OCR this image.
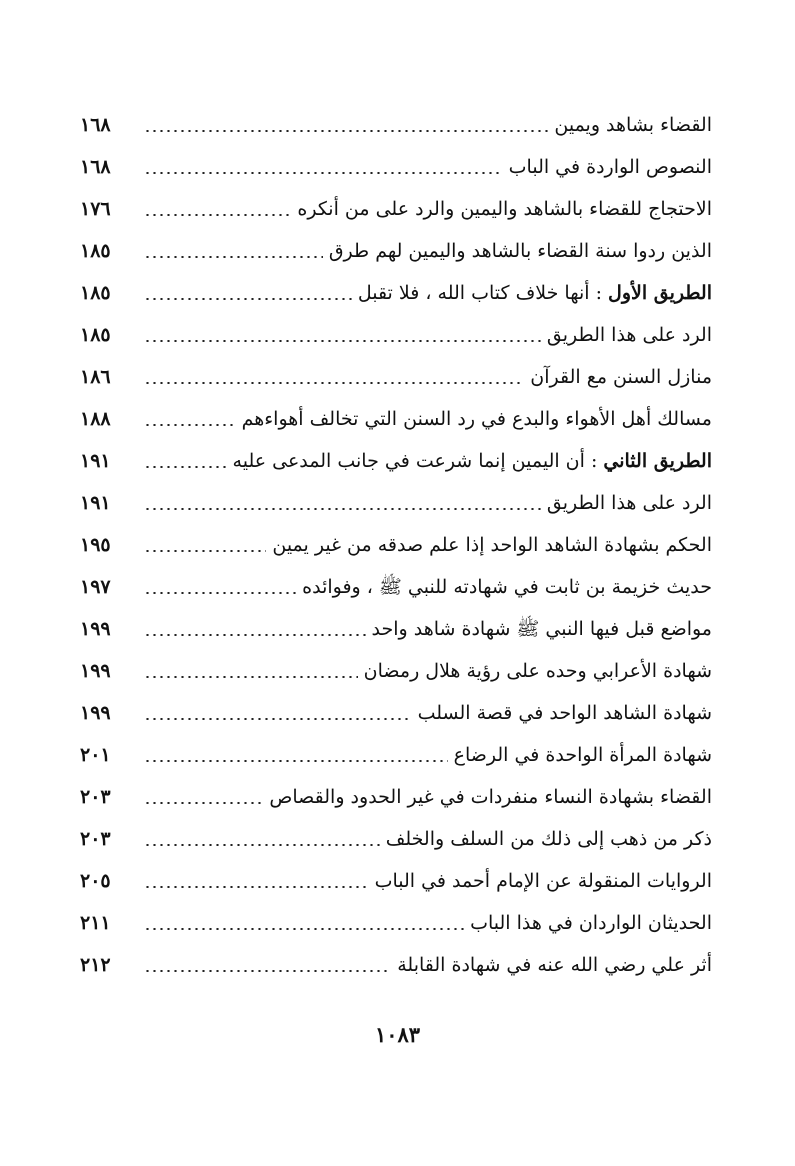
القضاء بشاهد ويمين
١٦٨
النصوص الواردة في الباب
١٦٨
الاحتجاج للقضاء بالشاهد واليمين والرد على من أنكره
١٧٦
الذين ردوا سنة القضاء بالشاهد واليمين لهم طرق
١٨٥
الطريق الأول : أنها خلاف كتاب الله ، فلا تقبل
١٨٥
الرد على هذا الطريق
١٨٥
منازل السنن مع القرآن
١٨٦
مسالك أهل الأهواء والبدع في رد السنن التي تخالف أهواءهم
١٨٨
الطريق الثاني : أن اليمين إنما شرعت في جانب المدعى عليه
١٩١
الرد على هذا الطريق
١٩١
الحكم بشهادة الشاهد الواحد إذا علم صدقه من غير يمين
١٩٥
حديث خزيمة بن ثابت في شهادته للنبي ﷺ ، وفوائده
١٩٧
مواضع قبل فيها النبي ﷺ شهادة شاهد واحد
١٩٩
شهادة الأعرابي وحده على رؤية هلال رمضان
١٩٩
شهادة الشاهد الواحد في قصة السلب
١٩٩
شهادة المرأة الواحدة في الرضاع
٢٠١
القضاء بشهادة النساء منفردات في غير الحدود والقصاص
٢٠٣
ذكر من ذهب إلى ذلك من السلف والخلف
٢٠٣
الروايات المنقولة عن الإمام أحمد في الباب
٢٠٥
الحديثان الواردان في هذا الباب
٢١١
أثر علي رضي الله عنه في شهادة القابلة
٢١٢
١٠٨٣
